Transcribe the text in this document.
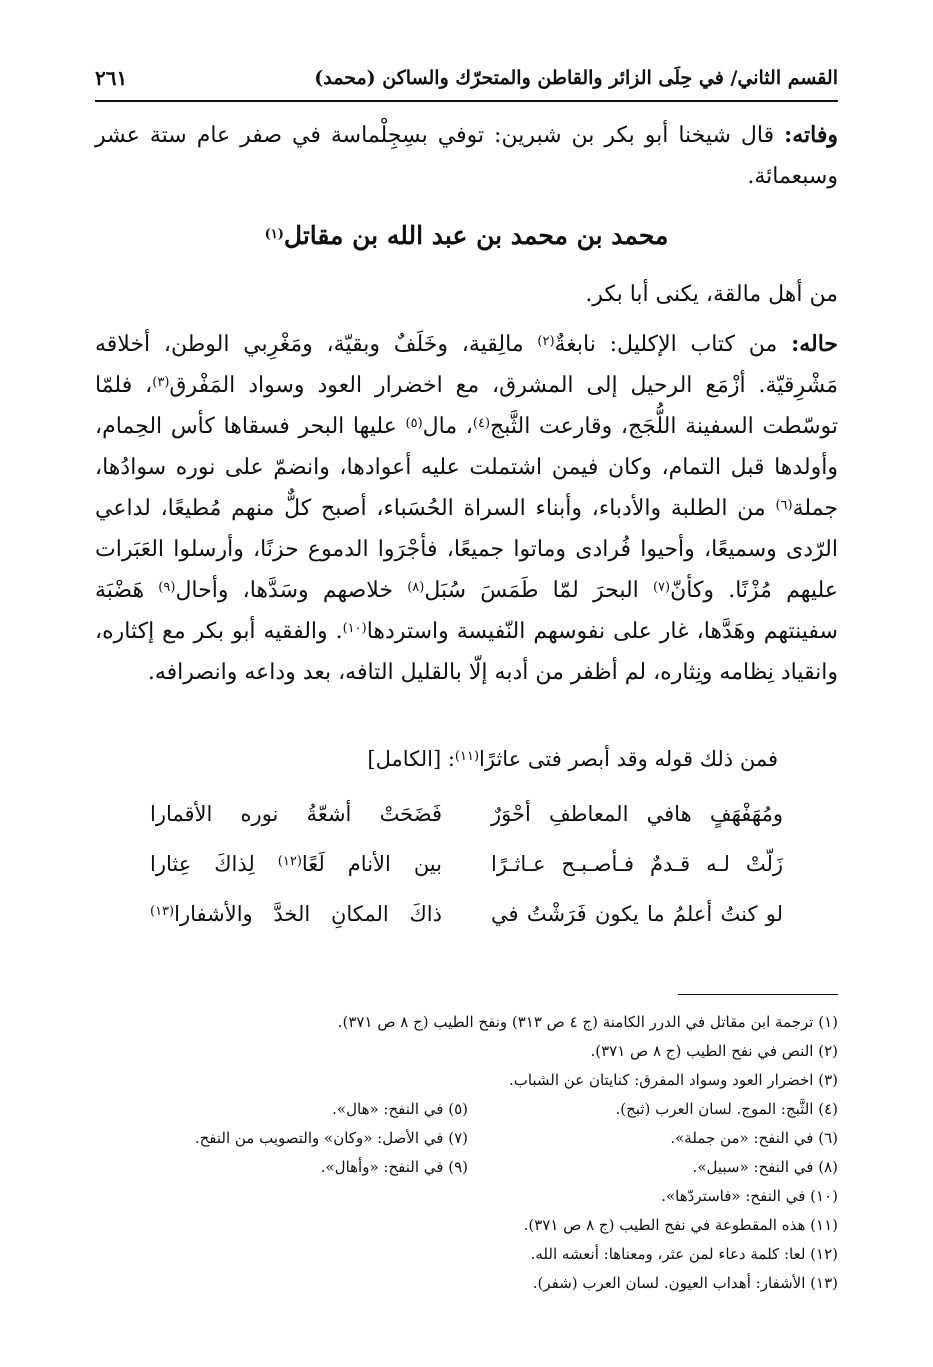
القسم الثاني/ في حِلَى الزائر والقاطن والمتحرّك والساكن (محمد)
٢٦١
وفاته: قال شيخنا أبو بكر بن شبرين: توفي بسِجِلْماسة في صفر عام ستة عشر وسبعمائة.
محمد بن محمد بن عبد الله بن مقاتل$^{(١)}$
من أهل مالقة، يكنى أبا بكر.
حاله: من كتاب الإكليل: نابغةٌ$^{(٢)}$ مالِقية، وخَلَفٌ وبقيّة، ومَغْرِبي الوطن، أخلاقه مَشْرِقيّة. أزْمَع الرحيل إلى المشرق، مع اخضرار العود وسواد المَفْرق$^{(٣)}$، فلمّا توسّطت السفينة اللُّجَج، وقارعت الثَّبج$^{(٤)}$، مال$^{(٥)}$ عليها البحر فسقاها كأس الحِمام، وأولدها قبل التمام، وكان فيمن اشتملت عليه أعوادها، وانضمّ على نوره سوادُها، جملة$^{(٦)}$ من الطلبة والأدباء، وأبناء السراة الحُسَباء، أصبح كلٌّ منهم مُطيعًا، لداعي الرّدى وسميعًا، وأحيوا فُرادى وماتوا جميعًا، فأجْرَوا الدموع حزنًا، وأرسلوا العَبَرات عليهم مُزْنًا. وكأنّ$^{(٧)}$ البحرَ لمّا طَمَسَ سُبَل$^{(٨)}$ خلاصهم وسَدَّها، وأحال$^{(٩)}$ هَضْبَة سفينتهم وهَدَّها، غار على نفوسهم النّفيسة واستردها$^{(١٠)}$. والفقيه أبو بكر مع إكثاره، وانقياد نِظامه ونِثاره، لم أظفر من أدبه إلّا بالقليل التافه، بعد وداعه وانصرافه.
فمن ذلك قوله وقد أبصر فتى عاثرًا$^{(١١)}$: [الكامل]
ومُهَفْهَفٍ هافي المعاطفِ أحْوَرٌ
فَضَحَتْ أشعّةُ نوره الأقمارا
زَلّتْ لـه قـدمٌ فـأصـبـح عـاثـرًا
بين الأنام لَعًا$^{(١٢)}$ لِذاكَ عِثارا
لو كنتُ أعلمُ ما يكون فَرَشْتُ في
ذاكَ المكانِ الخدَّ والأشفارا$^{(١٣)}$
(١) ترجمة ابن مقاتل في الدرر الكامنة (ج ٤ ص ٣١٣) ونفح الطيب (ج ٨ ص ٣٧١).
(٢) النص في نفح الطيب (ج ٨ ص ٣٧١).
(٣) اخضرار العود وسواد المفرق: كنايتان عن الشباب.
(٤) الثَّبج: الموج. لسان العرب (ثبج).
(٥) في النفح: «هال».
(٦) في النفح: «من جملة».
(٧) في الأصل: «وكان» والتصويب من النفح.
(٨) في النفح: «سبيل».
(٩) في النفح: «وأهال».
(١٠) في النفح: «فاستردّها».
(١١) هذه المقطوعة في نفح الطيب (ج ٨ ص ٣٧١).
(١٢) لعا: كلمة دعاء لمن عثر، ومعناها: أنعشه الله.
(١٣) الأشفار: أهداب العيون. لسان العرب (شفر).
